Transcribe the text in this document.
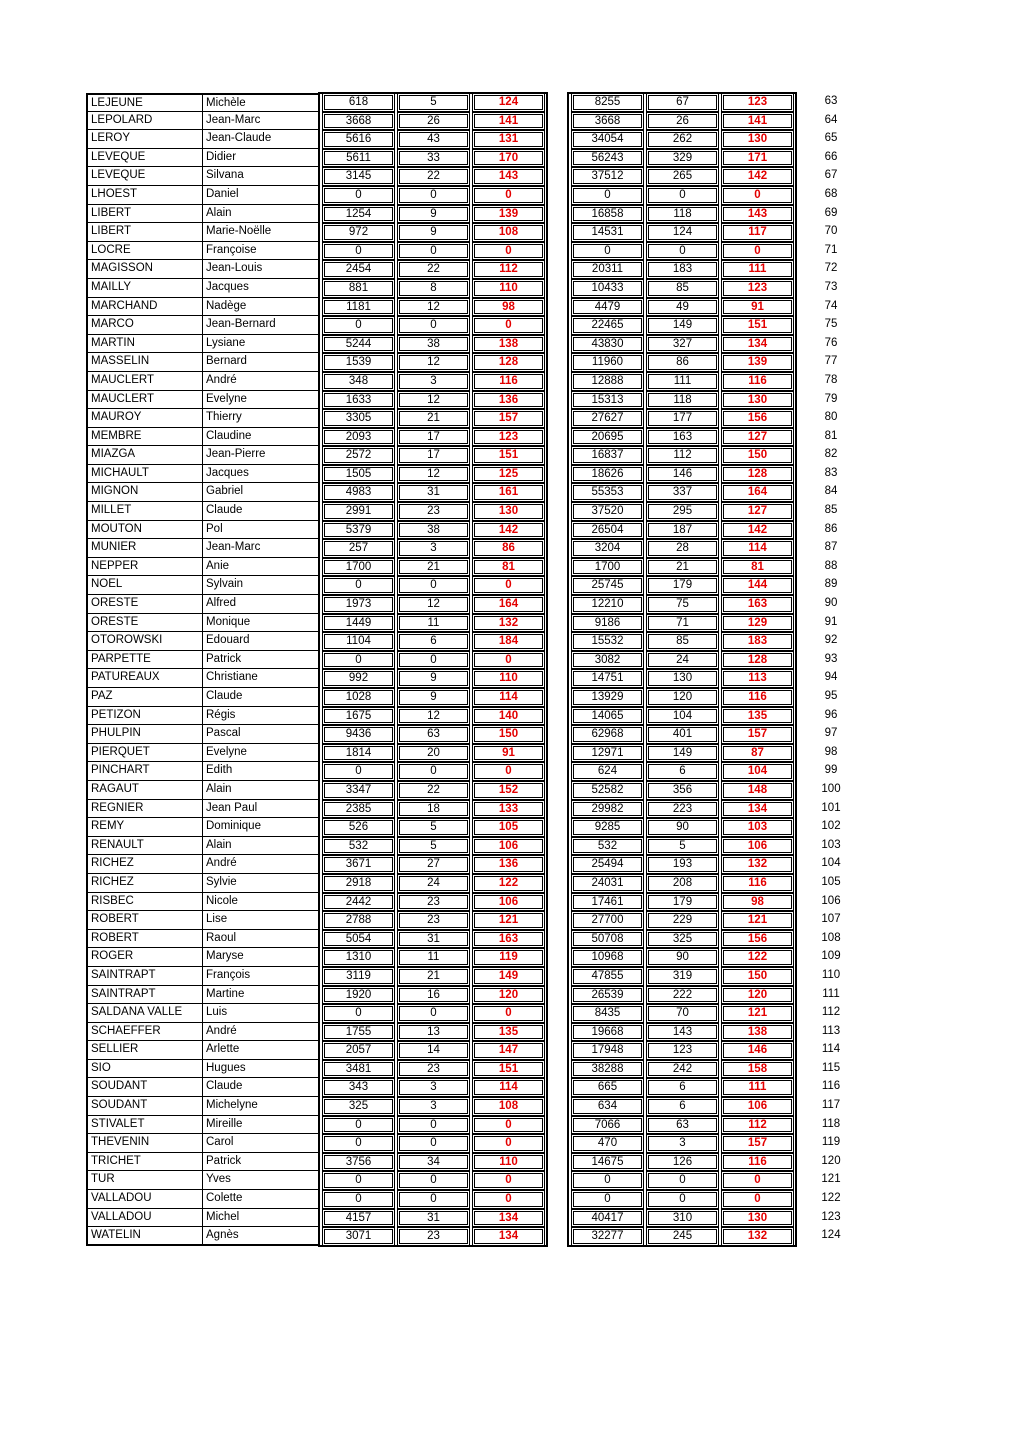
LEJEUNE	Michèle	618	5	124	8255	67	123	63
LEPOLARD	Jean-Marc	3668	26	141	3668	26	141	64
LEROY	Jean-Claude	5616	43	131	34054	262	130	65
LEVEQUE	Didier	5611	33	170	56243	329	171	66
LEVEQUE	Silvana	3145	22	143	37512	265	142	67
LHOEST	Daniel	0	0	0	0	0	0	68
LIBERT	Alain	1254	9	139	16858	118	143	69
LIBERT	Marie-Noëlle	972	9	108	14531	124	117	70
LOCRE	Françoise	0	0	0	0	0	0	71
MAGISSON	Jean-Louis	2454	22	112	20311	183	111	72
MAILLY	Jacques	881	8	110	10433	85	123	73
MARCHAND	Nadège	1181	12	98	4479	49	91	74
MARCO	Jean-Bernard	0	0	0	22465	149	151	75
MARTIN	Lysiane	5244	38	138	43830	327	134	76
MASSELIN	Bernard	1539	12	128	11960	86	139	77
MAUCLERT	André	348	3	116	12888	111	116	78
MAUCLERT	Evelyne	1633	12	136	15313	118	130	79
MAUROY	Thierry	3305	21	157	27627	177	156	80
MEMBRE	Claudine	2093	17	123	20695	163	127	81
MIAZGA	Jean-Pierre	2572	17	151	16837	112	150	82
MICHAULT	Jacques	1505	12	125	18626	146	128	83
MIGNON	Gabriel	4983	31	161	55353	337	164	84
MILLET	Claude	2991	23	130	37520	295	127	85
MOUTON	Pol	5379	38	142	26504	187	142	86
MUNIER	Jean-Marc	257	3	86	3204	28	114	87
NEPPER	Anie	1700	21	81	1700	21	81	88
NOEL	Sylvain	0	0	0	25745	179	144	89
ORESTE	Alfred	1973	12	164	12210	75	163	90
ORESTE	Monique	1449	11	132	9186	71	129	91
OTOROWSKI	Edouard	1104	6	184	15532	85	183	92
PARPETTE	Patrick	0	0	0	3082	24	128	93
PATUREAUX	Christiane	992	9	110	14751	130	113	94
PAZ	Claude	1028	9	114	13929	120	116	95
PETIZON	Régis	1675	12	140	14065	104	135	96
PHULPIN	Pascal	9436	63	150	62968	401	157	97
PIERQUET	Evelyne	1814	20	91	12971	149	87	98
PINCHART	Edith	0	0	0	624	6	104	99
RAGAUT	Alain	3347	22	152	52582	356	148	100
REGNIER	Jean Paul	2385	18	133	29982	223	134	101
REMY	Dominique	526	5	105	9285	90	103	102
RENAULT	Alain	532	5	106	532	5	106	103
RICHEZ	André	3671	27	136	25494	193	132	104
RICHEZ	Sylvie	2918	24	122	24031	208	116	105
RISBEC	Nicole	2442	23	106	17461	179	98	106
ROBERT	Lise	2788	23	121	27700	229	121	107
ROBERT	Raoul	5054	31	163	50708	325	156	108
ROGER	Maryse	1310	11	119	10968	90	122	109
SAINTRAPT	François	3119	21	149	47855	319	150	110
SAINTRAPT	Martine	1920	16	120	26539	222	120	111
SALDANA VALLE	Luis	0	0	0	8435	70	121	112
SCHAEFFER	André	1755	13	135	19668	143	138	113
SELLIER	Arlette	2057	14	147	17948	123	146	114
SIO	Hugues	3481	23	151	38288	242	158	115
SOUDANT	Claude	343	3	114	665	6	111	116
SOUDANT	Michelyne	325	3	108	634	6	106	117
STIVALET	Mireille	0	0	0	7066	63	112	118
THEVENIN	Carol	0	0	0	470	3	157	119
TRICHET	Patrick	3756	34	110	14675	126	116	120
TUR	Yves	0	0	0	0	0	0	121
VALLADOU	Colette	0	0	0	0	0	0	122
VALLADOU	Michel	4157	31	134	40417	310	130	123
WATELIN	Agnès	3071	23	134	32277	245	132	124
